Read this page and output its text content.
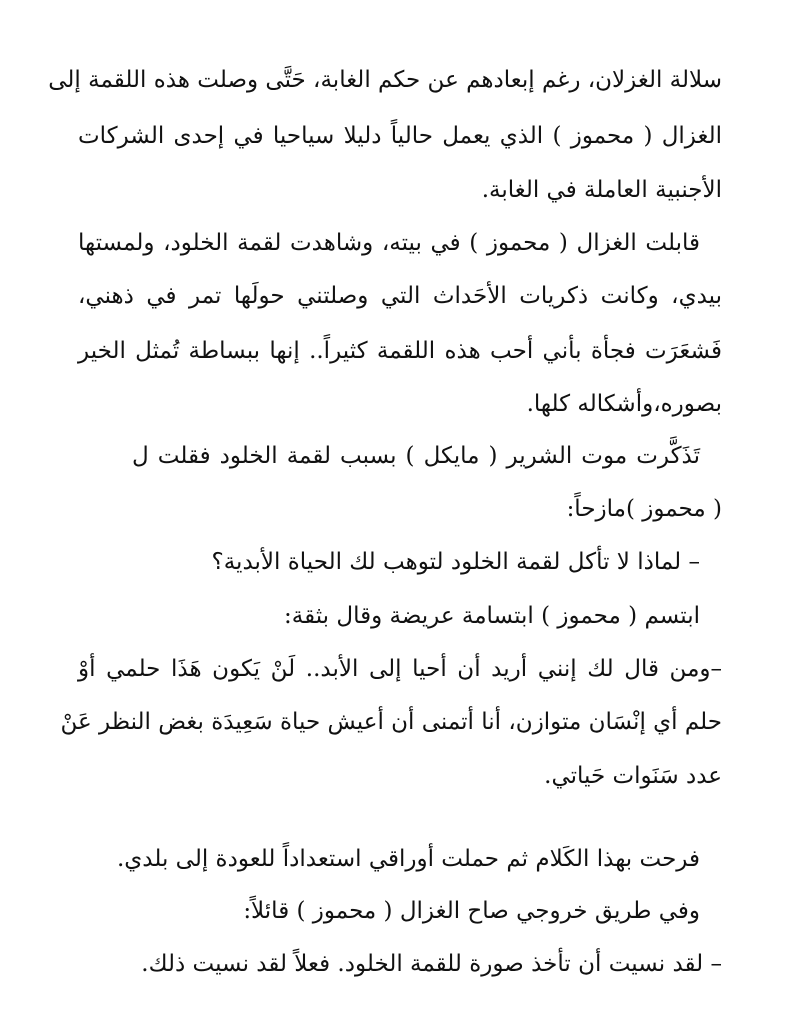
سلالة الغزلان، رغم إبعادهم عن حكم الغابة، حَتَّى وصلت هذه اللقمة إلى

الغزال ( محموز ) الذي يعمل حالياً دليلا سياحيا في إحدى الشركات

الأجنبية العاملة في الغابة.

قابلت الغزال ( محموز ) في بيته، وشاهدت لقمة الخلود، ولمستها

بيدي، وكانت ذكريات الأحَداث التي وصلتني حولَها تمر في ذهني،

فَشعَرَت فجأة بأني أحب هذه اللقمة كثيراً.. إنها ببساطة تُمثل الخير

بصوره،وأشكاله كلها.

تَذَكَّرت موت الشرير ( مايكل ) بسبب لقمة الخلود فقلت ل

( محموز )مازحاً:

– لماذا لا تأكل لقمة الخلود لتوهب لك الحياة الأبدية؟

ابتسم ( محموز ) ابتسامة عريضة وقال بثقة:

–ومن قال لك إنني أريد أن أحيا إلى الأبد.. لَنْ يَكون هَذَا حلمي أوْ

حلم أي إنْسَان متوازن، أنا أتمنى أن أعيش حياة سَعِيدَة بغض النظر عَنْ

عدد سَنَوات حَياتي.

فرحت بهذا الكَلام ثم حملت أوراقي استعداداً للعودة إلى بلدي.

وفي طريق خروجي صاح الغزال ( محموز ) قائلاً:

– لقد نسيت أن تأخذ صورة للقمة الخلود. فعلاً لقد نسيت ذلك.
